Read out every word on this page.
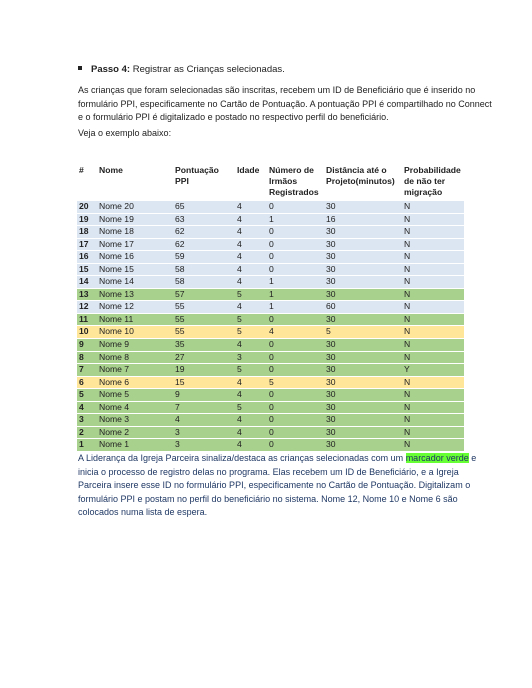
Passo 4: Registrar as Crianças selecionadas.
As crianças que foram selecionadas são inscritas, recebem um ID de Beneficiário que é inserido no formulário PPI, especificamente no Cartão de Pontuação. A pontuação PPI é compartilhado no Connect e o formulário PPI é digitalizado e postado no respectivo perfil do beneficiário.
Veja o exemplo abaixo:
#	Nome	Pontuação PPI	Idade	Número de Irmãos Registrados	Distância até o Projeto(minutos)	Probabilidade de não ter migração
20	Nome 20	65	4	0	30	N
19	Nome 19	63	4	1	16	N
18	Nome 18	62	4	0	30	N
17	Nome 17	62	4	0	30	N
16	Nome 16	59	4	0	30	N
15	Nome 15	58	4	0	30	N
14	Nome 14	58	4	1	30	N
13	Nome 13	57	5	1	30	N
12	Nome 12	55	4	1	60	N
11	Nome 11	55	5	0	30	N
10	Nome 10	55	5	4	5	N
9	Nome 9	35	4	0	30	N
8	Nome 8	27	3	0	30	N
7	Nome 7	19	5	0	30	Y
6	Nome 6	15	4	5	30	N
5	Nome 5	9	4	0	30	N
4	Nome 4	7	5	0	30	N
3	Nome 3	4	4	0	30	N
2	Nome 2	3	4	0	30	N
1	Nome 1	3	4	0	30	N
A Liderança da Igreja Parceira sinaliza/destaca as crianças selecionadas com um marcador verde e inicia o processo de registro delas no programa. Elas recebem um ID de Beneficiário, e a Igreja Parceira insere esse ID no formulário PPI, especificamente no Cartão de Pontuação. Digitalizam o formulário PPI e postam no perfil do beneficiário no sistema. Nome 12, Nome 10 e Nome 6 são colocados numa lista de espera.
